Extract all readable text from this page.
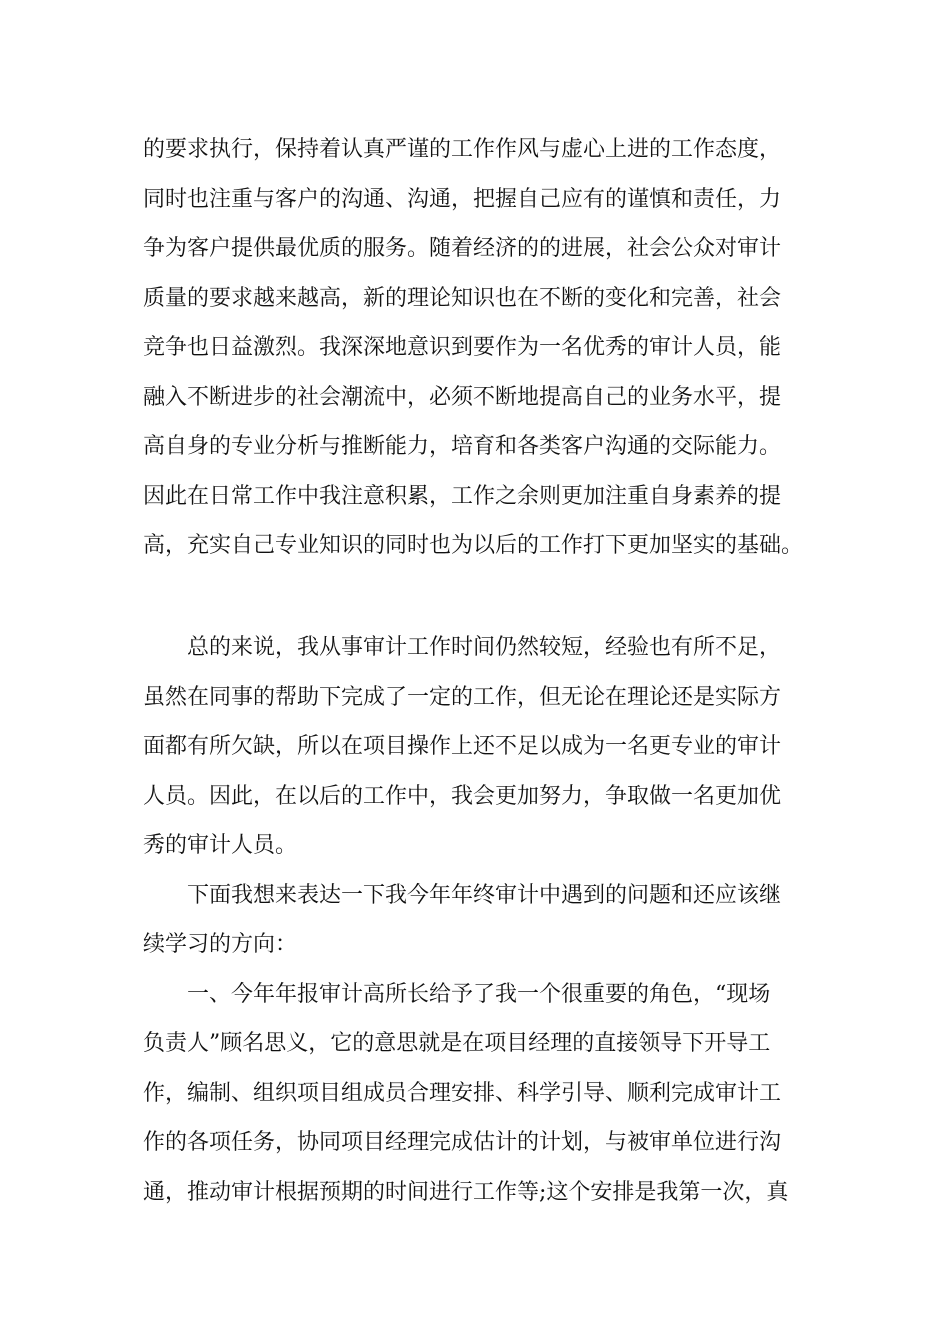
的要求执行，保持着认真严谨的工作作风与虚心上进的工作态度，
同时也注重与客户的沟通、沟通，把握自己应有的谨慎和责任，力
争为客户提供最优质的服务。随着经济的的进展，社会公众对审计
质量的要求越来越高，新的理论知识也在不断的变化和完善，社会
竞争也日益激烈。我深深地意识到要作为一名优秀的审计人员，能
融入不断进步的社会潮流中，必须不断地提高自己的业务水平，提
高自身的专业分析与推断能力，培育和各类客户沟通的交际能力。
因此在日常工作中我注意积累，工作之余则更加注重自身素养的提
高，充实自己专业知识的同时也为以后的工作打下更加坚实的基础。
　　总的来说，我从事审计工作时间仍然较短，经验也有所不足，
虽然在同事的帮助下完成了一定的工作，但无论在理论还是实际方
面都有所欠缺，所以在项目操作上还不足以成为一名更专业的审计
人员。因此，在以后的工作中，我会更加努力，争取做一名更加优
秀的审计人员。
　　下面我想来表达一下我今年年终审计中遇到的问题和还应该继
续学习的方向：
　　一、今年年报审计高所长给予了我一个很重要的角色，“现场
负责人”顾名思义，它的意思就是在项目经理的直接领导下开导工
作，编制、组织项目组成员合理安排、科学引导、顺利完成审计工
作的各项任务，协同项目经理完成估计的计划，与被审单位进行沟
通，推动审计根据预期的时间进行工作等;这个安排是我第一次，真
